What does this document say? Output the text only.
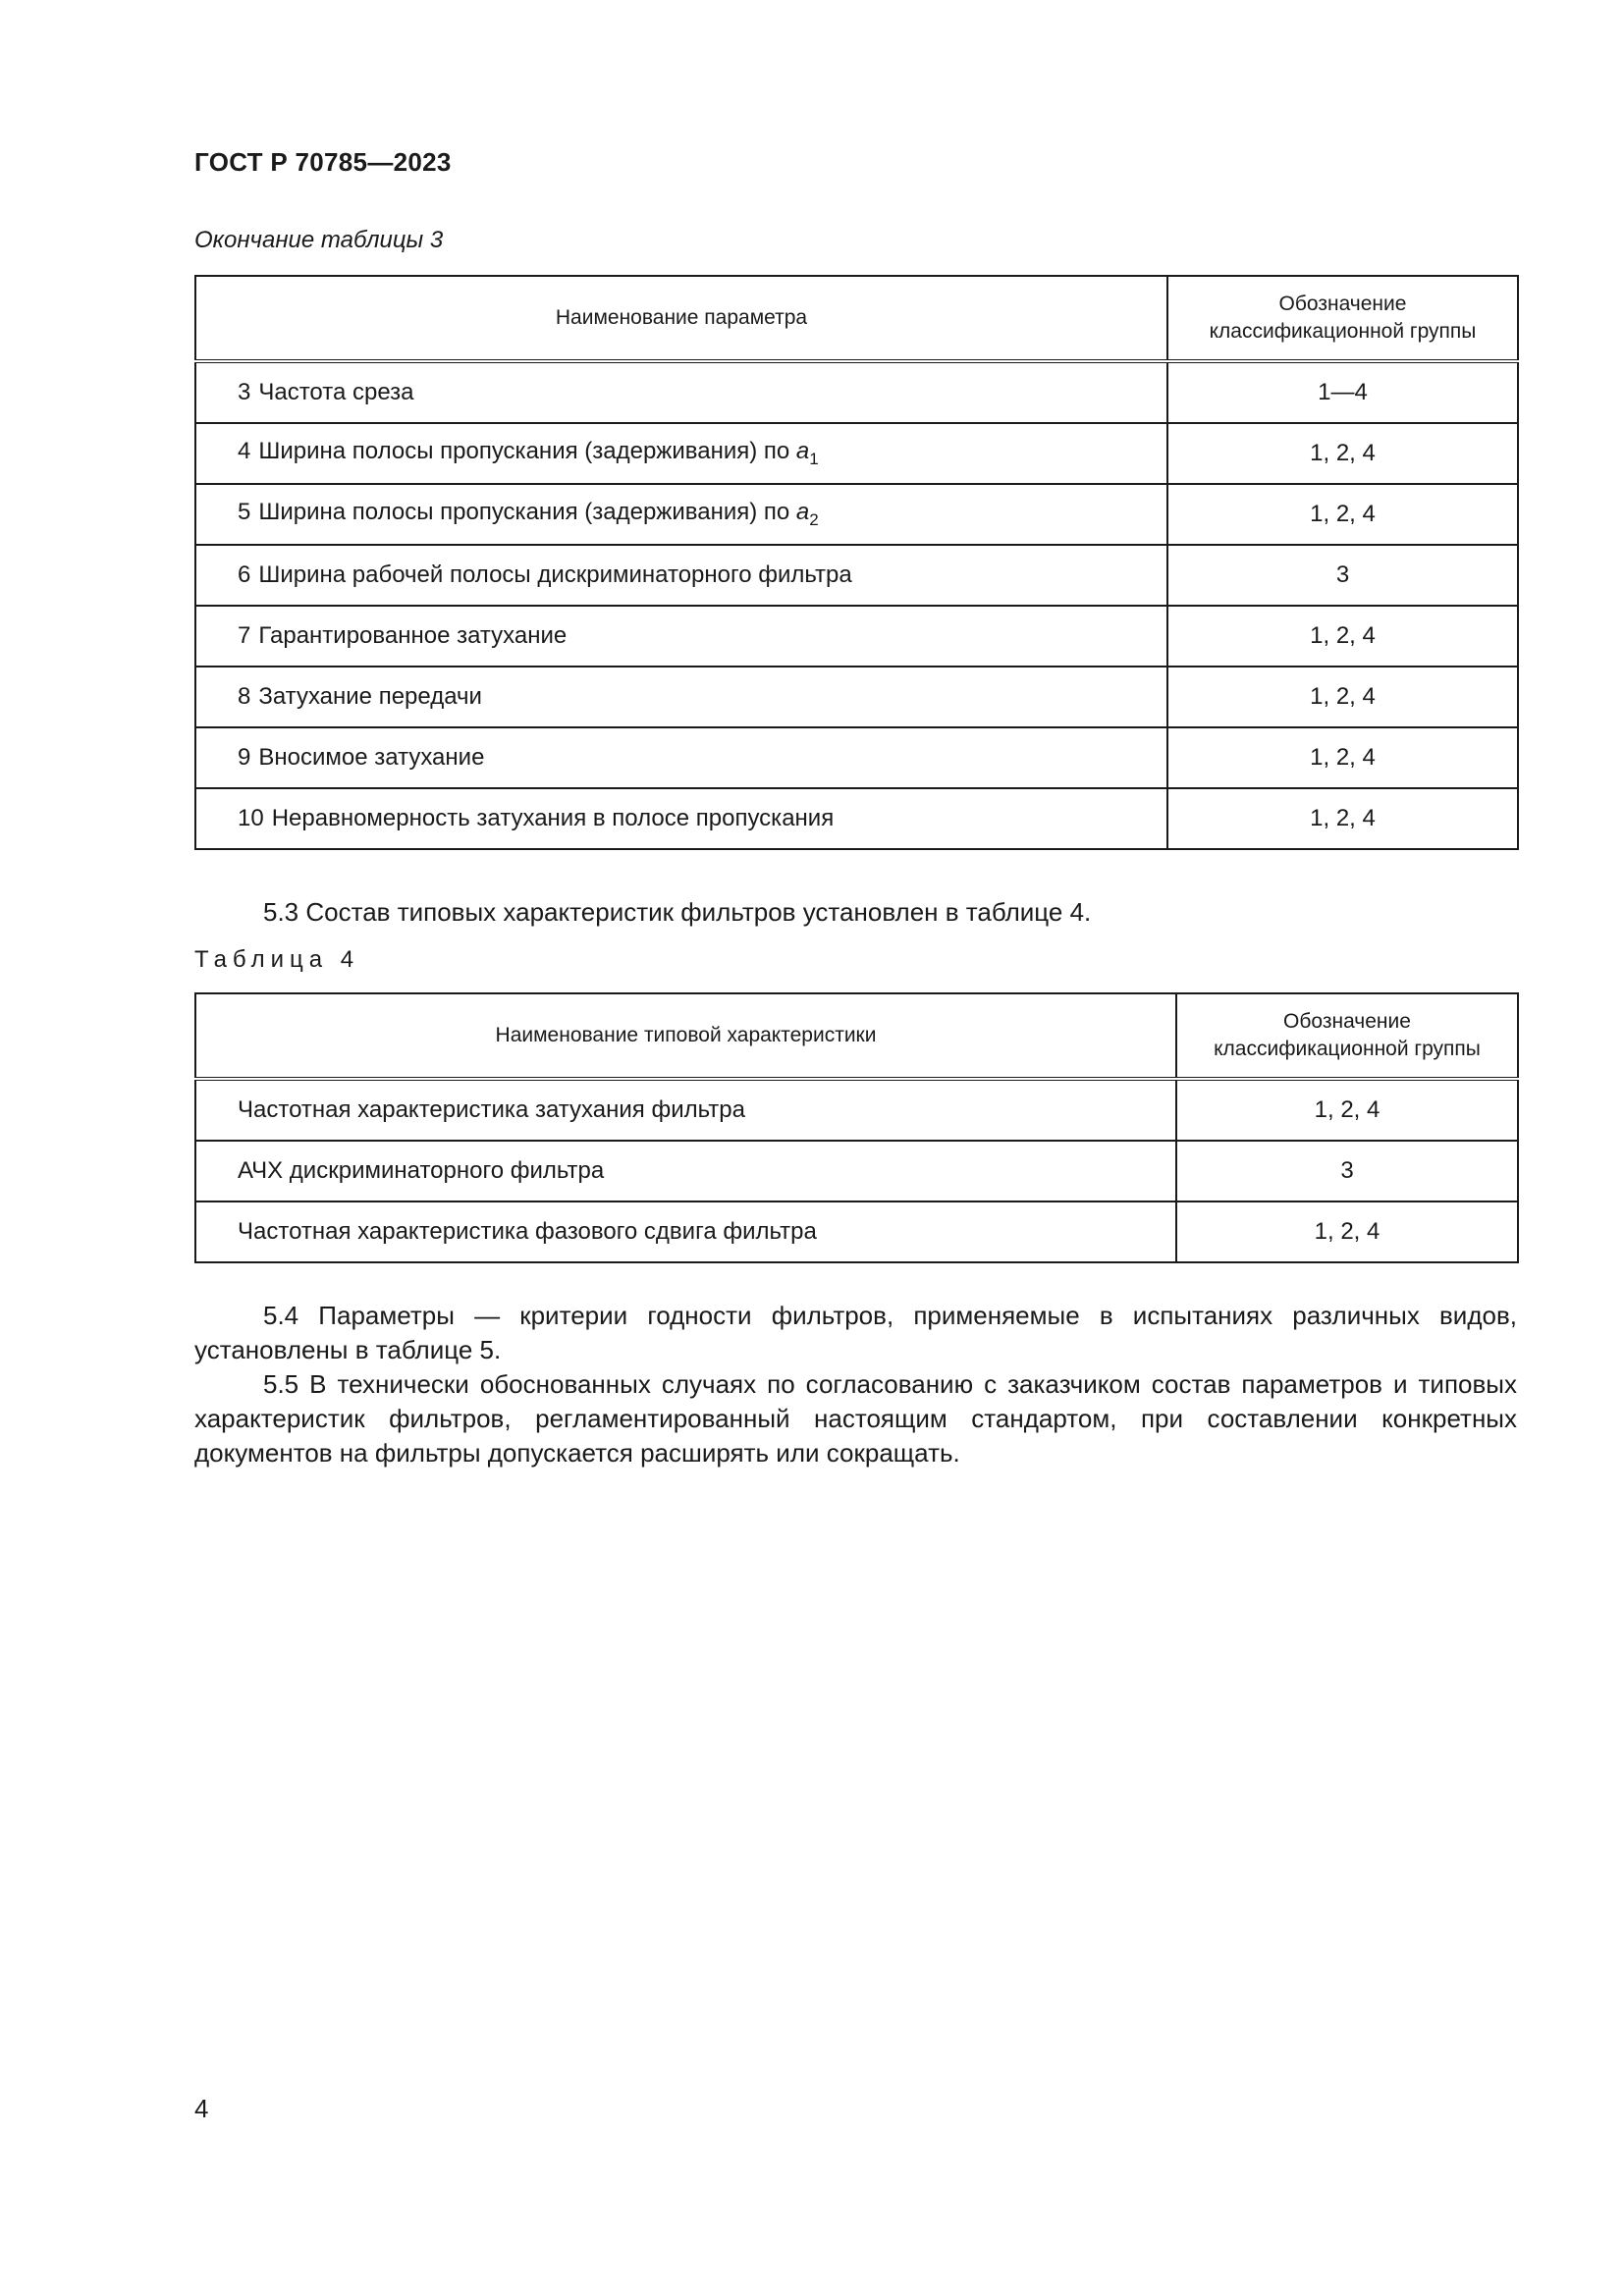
ГОСТ Р 70785—2023
Окончание таблицы 3
Наименование параметра	Обозначение
классификационной группы
3 Частота среза	1—4
4 Ширина полосы пропускания (задерживания) по $a_1$	1, 2, 4
5 Ширина полосы пропускания (задерживания) по $a_2$	1, 2, 4
6 Ширина рабочей полосы дискриминаторного фильтра	3
7 Гарантированное затухание	1, 2, 4
8 Затухание передачи	1, 2, 4
9 Вносимое затухание	1, 2, 4
10 Неравномерность затухания в полосе пропускания	1, 2, 4
5.3 Состав типовых характеристик фильтров установлен в таблице 4.
Таблица 4
Наименование типовой характеристики	Обозначение
классификационной группы
Частотная характеристика затухания фильтра	1, 2, 4
АЧХ дискриминаторного фильтра	3
Частотная характеристика фазового сдвига фильтра	1, 2, 4
5.4 Параметры — критерии годности фильтров, применяемые в испытаниях различных видов, установлены в таблице 5.
5.5 В технически обоснованных случаях по согласованию с заказчиком состав параметров и типовых характеристик фильтров, регламентированный настоящим стандартом, при составлении конкретных документов на фильтры допускается расширять или сокращать.
4
